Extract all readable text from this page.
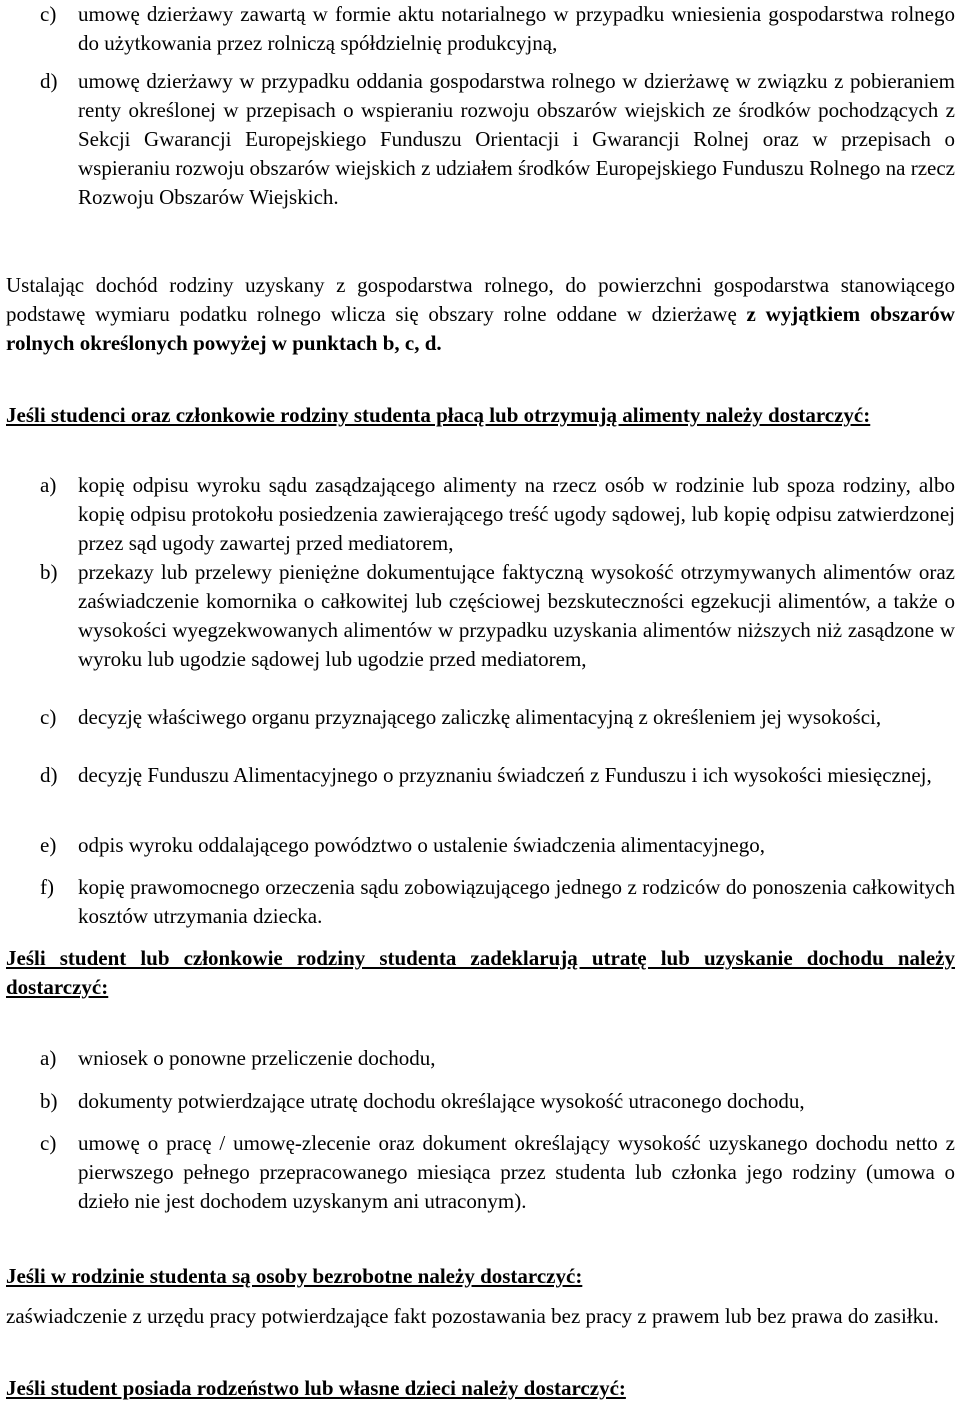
c) umowę dzierżawy zawartą w formie aktu notarialnego w przypadku wniesienia gospodarstwa rolnego do użytkowania przez rolniczą spółdzielnię produkcyjną,
d) umowę dzierżawy w przypadku oddania gospodarstwa rolnego w dzierżawę w związku z pobieraniem renty określonej w przepisach o wspieraniu rozwoju obszarów wiejskich ze środków pochodzących z Sekcji Gwarancji Europejskiego Funduszu Orientacji i Gwarancji Rolnej oraz w przepisach o wspieraniu rozwoju obszarów wiejskich z udziałem środków Europejskiego Funduszu Rolnego na rzecz Rozwoju Obszarów Wiejskich.

Ustalając dochód rodziny uzyskany z gospodarstwa rolnego, do powierzchni gospodarstwa stanowiącego podstawę wymiaru podatku rolnego wlicza się obszary rolne oddane w dzierżawę z wyjątkiem obszarów rolnych określonych powyżej w punktach b, c, d.

Jeśli studenci oraz członkowie rodziny studenta płacą lub otrzymują alimenty należy dostarczyć:

a) kopię odpisu wyroku sądu zasądzającego alimenty na rzecz osób w rodzinie lub spoza rodziny, albo kopię odpisu protokołu posiedzenia zawierającego treść ugody sądowej, lub kopię odpisu zatwierdzonej przez sąd ugody zawartej przed mediatorem,
b) przekazy lub przelewy pieniężne dokumentujące faktyczną wysokość otrzymywanych alimentów oraz zaświadczenie komornika o całkowitej lub częściowej bezskuteczności egzekucji alimentów, a także o wysokości wyegzekwowanych alimentów w przypadku uzyskania alimentów niższych niż zasądzone w wyroku lub ugodzie sądowej lub ugodzie przed mediatorem,
c) decyzję właściwego organu przyznającego zaliczkę alimentacyjną z określeniem jej wysokości,
d) decyzję Funduszu Alimentacyjnego o przyznaniu świadczeń z Funduszu i ich wysokości miesięcznej,
e) odpis wyroku oddalającego powództwo o ustalenie świadczenia alimentacyjnego,
f) kopię prawomocnego orzeczenia sądu zobowiązującego jednego z rodziców do ponoszenia całkowitych kosztów utrzymania dziecka.

Jeśli student lub członkowie rodziny studenta zadeklarują utratę lub uzyskanie dochodu należy dostarczyć:

a) wniosek o ponowne przeliczenie dochodu,
b) dokumenty potwierdzające utratę dochodu określające wysokość utraconego dochodu,
c) umowę o pracę / umowę-zlecenie oraz dokument określający wysokość uzyskanego dochodu netto z pierwszego pełnego przepracowanego miesiąca przez studenta lub członka jego rodziny (umowa o dzieło nie jest dochodem uzyskanym ani utraconym).

Jeśli w rodzinie studenta są osoby bezrobotne należy dostarczyć:

zaświadczenie z urzędu pracy potwierdzające fakt pozostawania bez pracy z prawem lub bez prawa do zasiłku.

Jeśli student posiada rodzeństwo lub własne dzieci należy dostarczyć:
